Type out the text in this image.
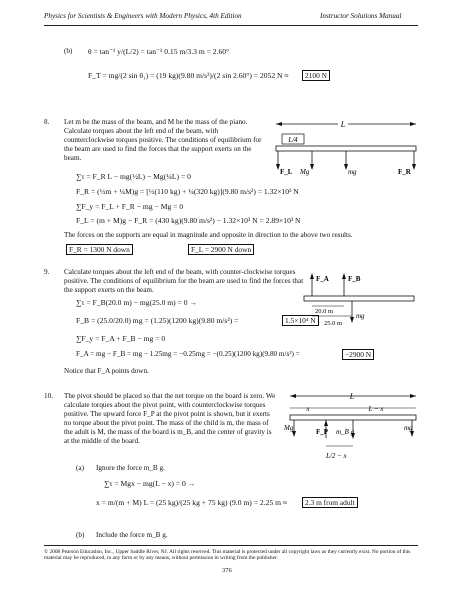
Physics for Scientists & Engineers with Modern Physics, 4th Edition	Instructor Solutions Manual
(b) θ = tan⁻¹ y/(L/2) = tan⁻¹ 0.15 m/3.3 m = 2.60°
F_T = mg/(2 sin θ₁) = (19 kg)(9.80 m/s²)/(2 sin 2.60°) = 2052 N ≈	2100 N
8. Let m be the mass of the beam, and M be the mass of the piano. Calculate torques about the left end of the beam, with counterclockwise torques positive. The conditions of equilibrium for the beam are used to find the forces that the support exerts on the beam.
L
L/4
F_L Mg	mg	F_R
∑τ = F_R L − mg(½L) − Mg(¼L) = 0
F_R = (½m + ¼M)g = [½(110 kg) + ¼(320 kg)](9.80 m/s²) = 1.32×10³ N
∑F_y = F_L + F_R − mg − Mg = 0
F_L = (m + M)g − F_R = (430 kg)(9.80 m/s²) − 1.32×10³ N = 2.89×10³ N
The forces on the supports are equal in magnitude and opposite in direction to the above two results.
F_R = 1300 N down	F_L = 2900 N down
9. Calculate torques about the left end of the beam, with counter-clockwise torques positive. The conditions of equilibrium for the beam are used to find the forces that the support exerts on the beam.
F_A	F_B
mg
20.0 m
25.0 m
∑τ = F_B(20.0 m) − mg(25.0 m) = 0 →
F_B = (25.0/20.0) mg = (1.25)(1200 kg)(9.80 m/s²) =	1.5×10⁴ N
∑F_y = F_A + F_B − mg = 0
F_A = mg − F_B = mg − 1.25mg = −0.25mg = −(0.25)(1200 kg)(9.80 m/s²) =	−2900 N
Notice that F_A points down.
10. The pivot should be placed so that the net torque on the board is zero. We calculate torques about the pivot point, with counterclockwise torques positive. The upward force F_P at the pivot point is shown, but it exerts no torque about the pivot point. The mass of the child is m, the mass of the adult is M, the mass of the board is m_B, and the center of gravity is at the middle of the board.
L
x	L − x
Mg	F_P m_B g	mg
L/2 − x
(a) Ignore the force m_B g.
∑τ = Mgx − mg(L − x) = 0 →
x = m/(m + M) L = (25 kg)/(25 kg + 75 kg) (9.0 m) = 2.25 m ≈	2.3 m from adult
(b) Include the force m_B g.
© 2008 Pearson Education, Inc., Upper Saddle River, NJ. All rights reserved. This material is protected under all copyright laws as they currently exist. No portion of this material may be reproduced, in any form or by any means, without permission in writing from the publisher.
376
